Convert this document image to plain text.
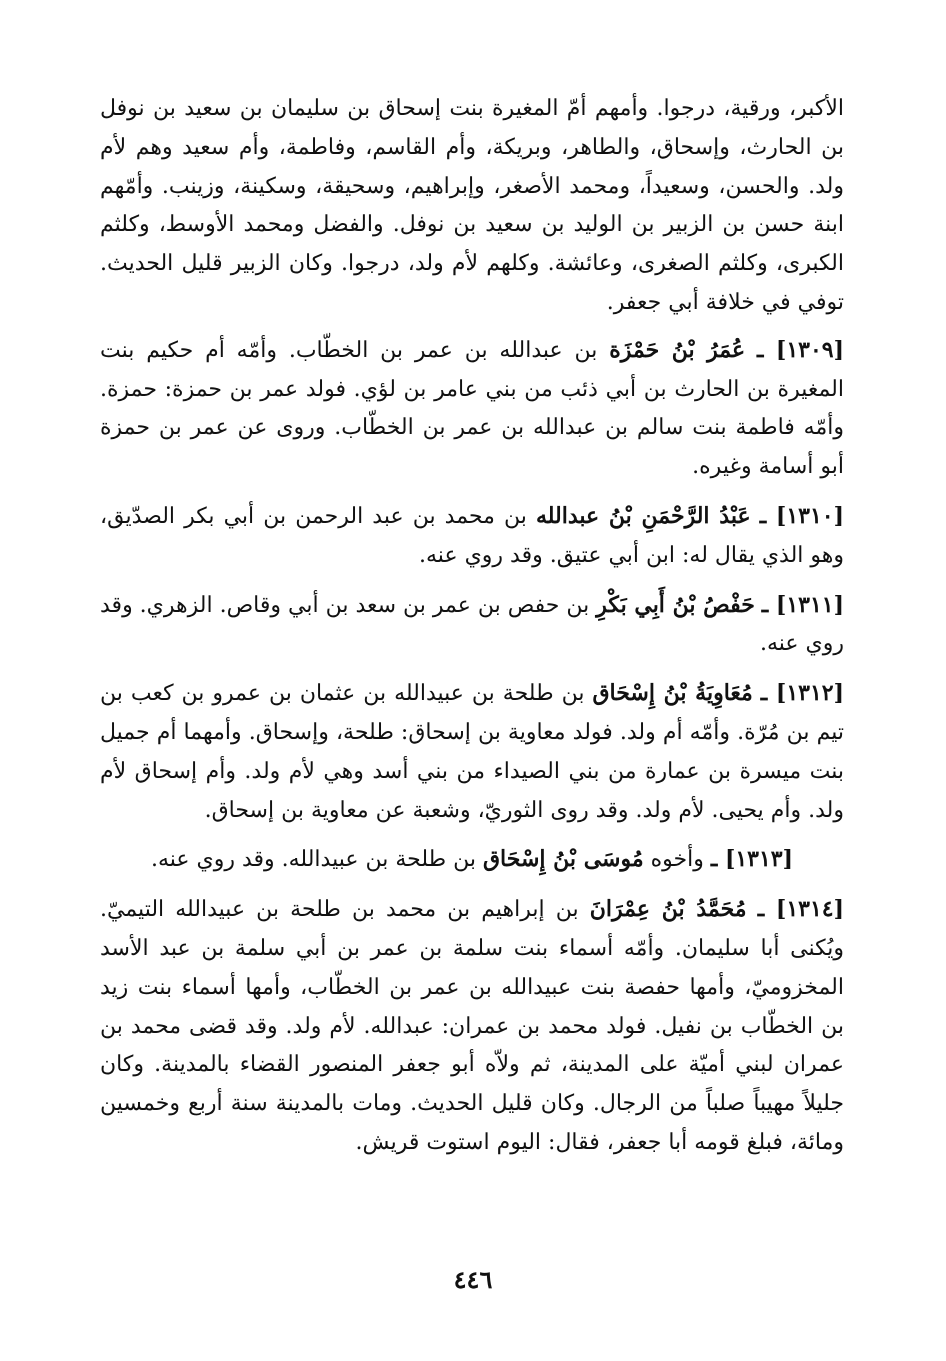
الأكبر، ورقية، درجوا. وأمهم أمّ المغيرة بنت إسحاق بن سليمان بن سعيد بن نوفل بن الحارث، وإسحاق، والطاهر، وبريكة، وأم القاسم، وفاطمة، وأم سعيد وهم لأم ولد. والحسن، وسعيداً، ومحمد الأصغر، وإبراهيم، وسحيقة، وسكينة، وزينب. وأمّهم ابنة حسن بن الزبير بن الوليد بن سعيد بن نوفل. والفضل ومحمد الأوسط، وكلثم الكبرى، وكلثم الصغرى، وعائشة. وكلهم لأم ولد، درجوا. وكان الزبير قليل الحديث. توفي في خلافة أبي جعفر.

[١٣٠٩] ـ عُمَرُ بْنُ حَمْزَة بن عبدالله بن عمر بن الخطّاب. وأمّه أم حكيم بنت المغيرة بن الحارث بن أبي ذئب من بني عامر بن لؤي. فولد عمر بن حمزة: حمزة. وأمّه فاطمة بنت سالم بن عبدالله بن عمر بن الخطّاب. وروى عن عمر بن حمزة أبو أسامة وغيره.

[١٣١٠] ـ عَبْدُ الرَّحْمَنِ بْنُ عبدالله بن محمد بن عبد الرحمن بن أبي بكر الصدّيق، وهو الذي يقال له: ابن أبي عتيق. وقد روي عنه.

[١٣١١] ـ حَفْصُ بْنُ أَبِي بَكْرِ بن حفص بن عمر بن سعد بن أبي وقاص. الزهري. وقد روي عنه.

[١٣١٢] ـ مُعَاوِيَةُ بْنُ إِسْحَاق بن طلحة بن عبيدالله بن عثمان بن عمرو بن كعب بن تيم بن مُرّة. وأمّه أم ولد. فولد معاوية بن إسحاق: طلحة، وإسحاق. وأمهما أم جميل بنت ميسرة بن عمارة من بني الصيداء من بني أسد وهي لأم ولد. وأم إسحاق لأم ولد. وأم يحيى. لأم ولد. وقد روى الثوريّ، وشعبة عن معاوية بن إسحاق.

[١٣١٣] ـ وأخوه مُوسَى بْنُ إِسْحَاق بن طلحة بن عبيدالله. وقد روي عنه.

[١٣١٤] ـ مُحَمَّدُ بْنُ عِمْرَانَ بن إبراهيم بن محمد بن طلحة بن عبيدالله التيميّ. ويُكنى أبا سليمان. وأمّه أسماء بنت سلمة بن عمر بن أبي سلمة بن عبد الأسد المخزوميّ، وأمها حفصة بنت عبيدالله بن عمر بن الخطّاب، وأمها أسماء بنت زيد بن الخطّاب بن نفيل. فولد محمد بن عمران: عبدالله. لأم ولد. وقد قضى محمد بن عمران لبني أميّة على المدينة، ثم ولاّه أبو جعفر المنصور القضاء بالمدينة. وكان جليلاً مهيباً صلباً من الرجال. وكان قليل الحديث. ومات بالمدينة سنة أربع وخمسين ومائة، فبلغ قومه أبا جعفر، فقال: اليوم استوت قريش.

٤٤٦
